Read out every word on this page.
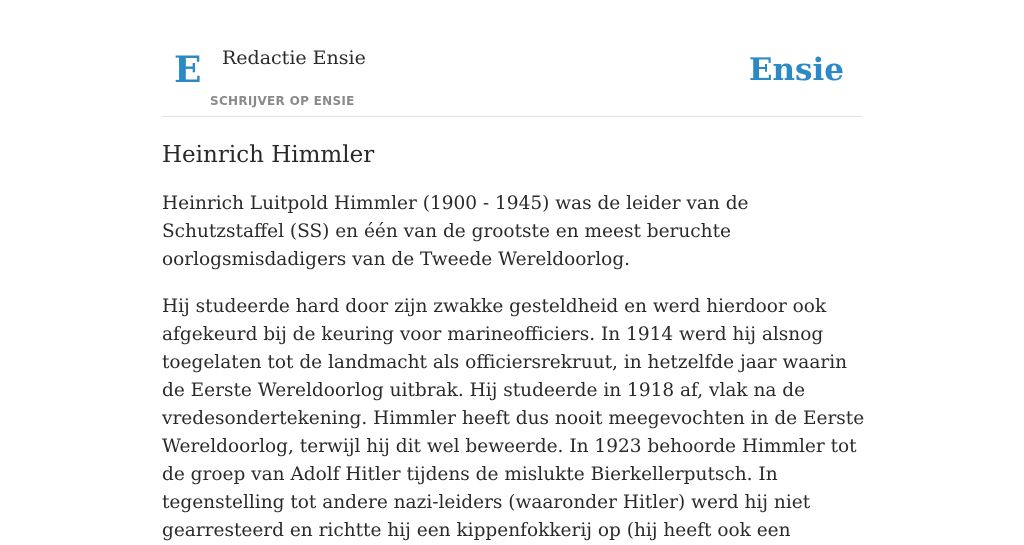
E Redactie Ensie
SCHRIJVER OP ENSIE
Ensie
Heinrich Himmler

Heinrich Luitpold Himmler (1900 - 1945) was de leider van de Schutzstaffel (SS) en één van de grootste en meest beruchte oorlogsmisdadigers van de Tweede Wereldoorlog.

Hij studeerde hard door zijn zwakke gesteldheid en werd hierdoor ook afgekeurd bij de keuring voor marineofficiers. In 1914 werd hij alsnog toegelaten tot de landmacht als officiersrekruut, in hetzelfde jaar waarin de Eerste Wereldoorlog uitbrak. Hij studeerde in 1918 af, vlak na de vredesondertekening. Himmler heeft dus nooit meegevochten in de Eerste Wereldoorlog, terwijl hij dit wel beweerde. In 1923 behoorde Himmler tot de groep van Adolf Hitler tijdens de mislukte Bierkellerputsch. In tegenstelling tot andere nazi-leiders (waaronder Hitler) werd hij niet gearresteerd en richtte hij een kippenfokkerij op (hij heeft ook een
